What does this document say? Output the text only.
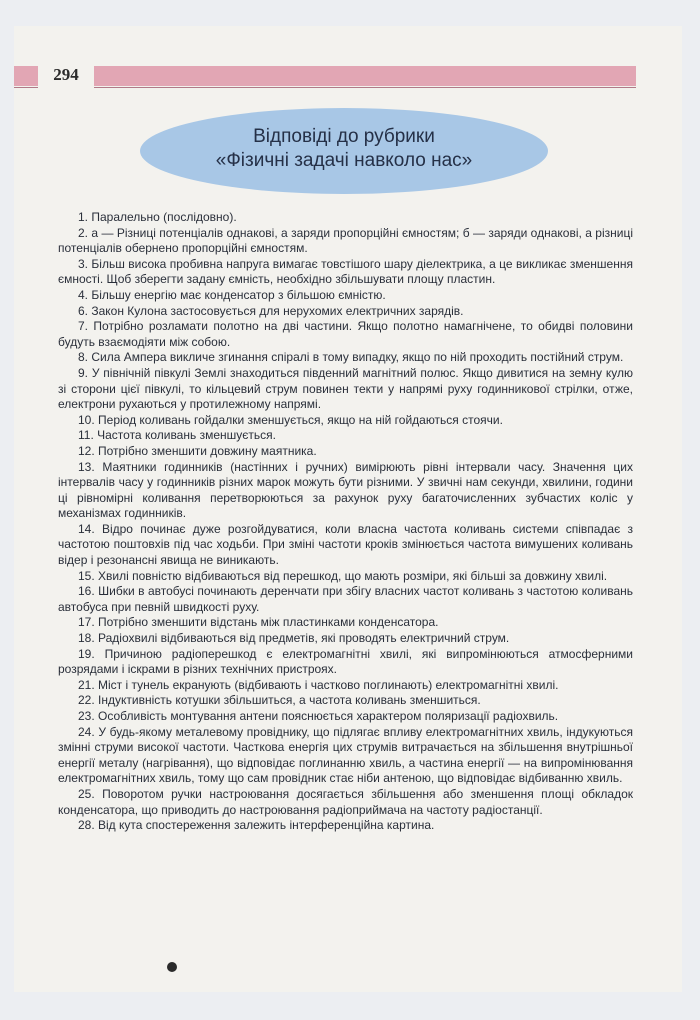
294
Відповіді до рубрики
«Фізичні задачі навколо нас»

1. Паралельно (послідовно).

2. а — Різниці потенціалів однакові, а заряди пропорційні ємностям; б — заряди однакові, а різниці потенціалів обернено пропорційні ємностям.

3. Більш висока пробивна напруга вимагає товстішого шару діелектрика, а це викликає зменшення ємності. Щоб зберегти задану ємність, необхідно збільшувати площу пластин.

4. Більшу енергію має конденсатор з більшою ємністю.

6. Закон Кулона застосовується для нерухомих електричних зарядів.

7. Потрібно розламати полотно на дві частини. Якщо полотно намагнічене, то обидві половини будуть взаємодіяти між собою.

8. Сила Ампера викличе згинання спіралі в тому випадку, якщо по ній проходить постійний струм.

9. У північній півкулі Землі знаходиться південний магнітний полюс. Якщо дивитися на земну кулю зі сторони цієї півкулі, то кільцевий струм повинен текти у напрямі руху годинникової стрілки, отже, електрони рухаються у протилежному напрямі.

10. Період коливань гойдалки зменшується, якщо на ній гойдаються стоячи.

11. Частота коливань зменшується.

12. Потрібно зменшити довжину маятника.

13. Маятники годинників (настінних і ручних) вимірюють рівні інтервали часу. Значення цих інтервалів часу у годинників різних марок можуть бути різними. У звичні нам секунди, хвилини, години ці рівномірні коливання перетворюються за рахунок руху багаточисленних зубчастих коліс у механізмах годинників.

14. Відро починає дуже розгойдуватися, коли власна частота коливань системи співпадає з частотою поштовхів під час ходьби. При зміні частоти кроків змінюється частота вимушених коливань відер і резонансні явища не виникають.

15. Хвилі повністю відбиваються від перешкод, що мають розміри, які більші за довжину хвилі.

16. Шибки в автобусі починають деренчати при збігу власних частот коливань з частотою коливань автобуса при певній швидкості руху.

17. Потрібно зменшити відстань між пластинками конденсатора.

18. Радіохвилі відбиваються від предметів, які проводять електричний струм.

19. Причиною радіоперешкод є електромагнітні хвилі, які випромінюються атмосферними розрядами і іскрами в різних технічних пристроях.

21. Міст і тунель екранують (відбивають і частково поглинають) електромагнітні хвилі.

22. Індуктивність котушки збільшиться, а частота коливань зменшиться.

23. Особливість монтування антени пояснюється характером поляризації радіохвиль.

24. У будь-якому металевому провіднику, що підлягає впливу електромагнітних хвиль, індукуються змінні струми високої частоти. Часткова енергія цих струмів витрачається на збільшення внутрішньої енергії металу (нагрівання), що відповідає поглинанню хвиль, а частина енергії — на випромінювання електромагнітних хвиль, тому що сам провідник стає ніби антеною, що відповідає відбиванню хвиль.

25. Поворотом ручки настроювання досягається збільшення або зменшення площі обкладок конденсатора, що приводить до настроювання радіоприймача на частоту радіостанції.

28. Від кута спостереження залежить інтерференційна картина.
